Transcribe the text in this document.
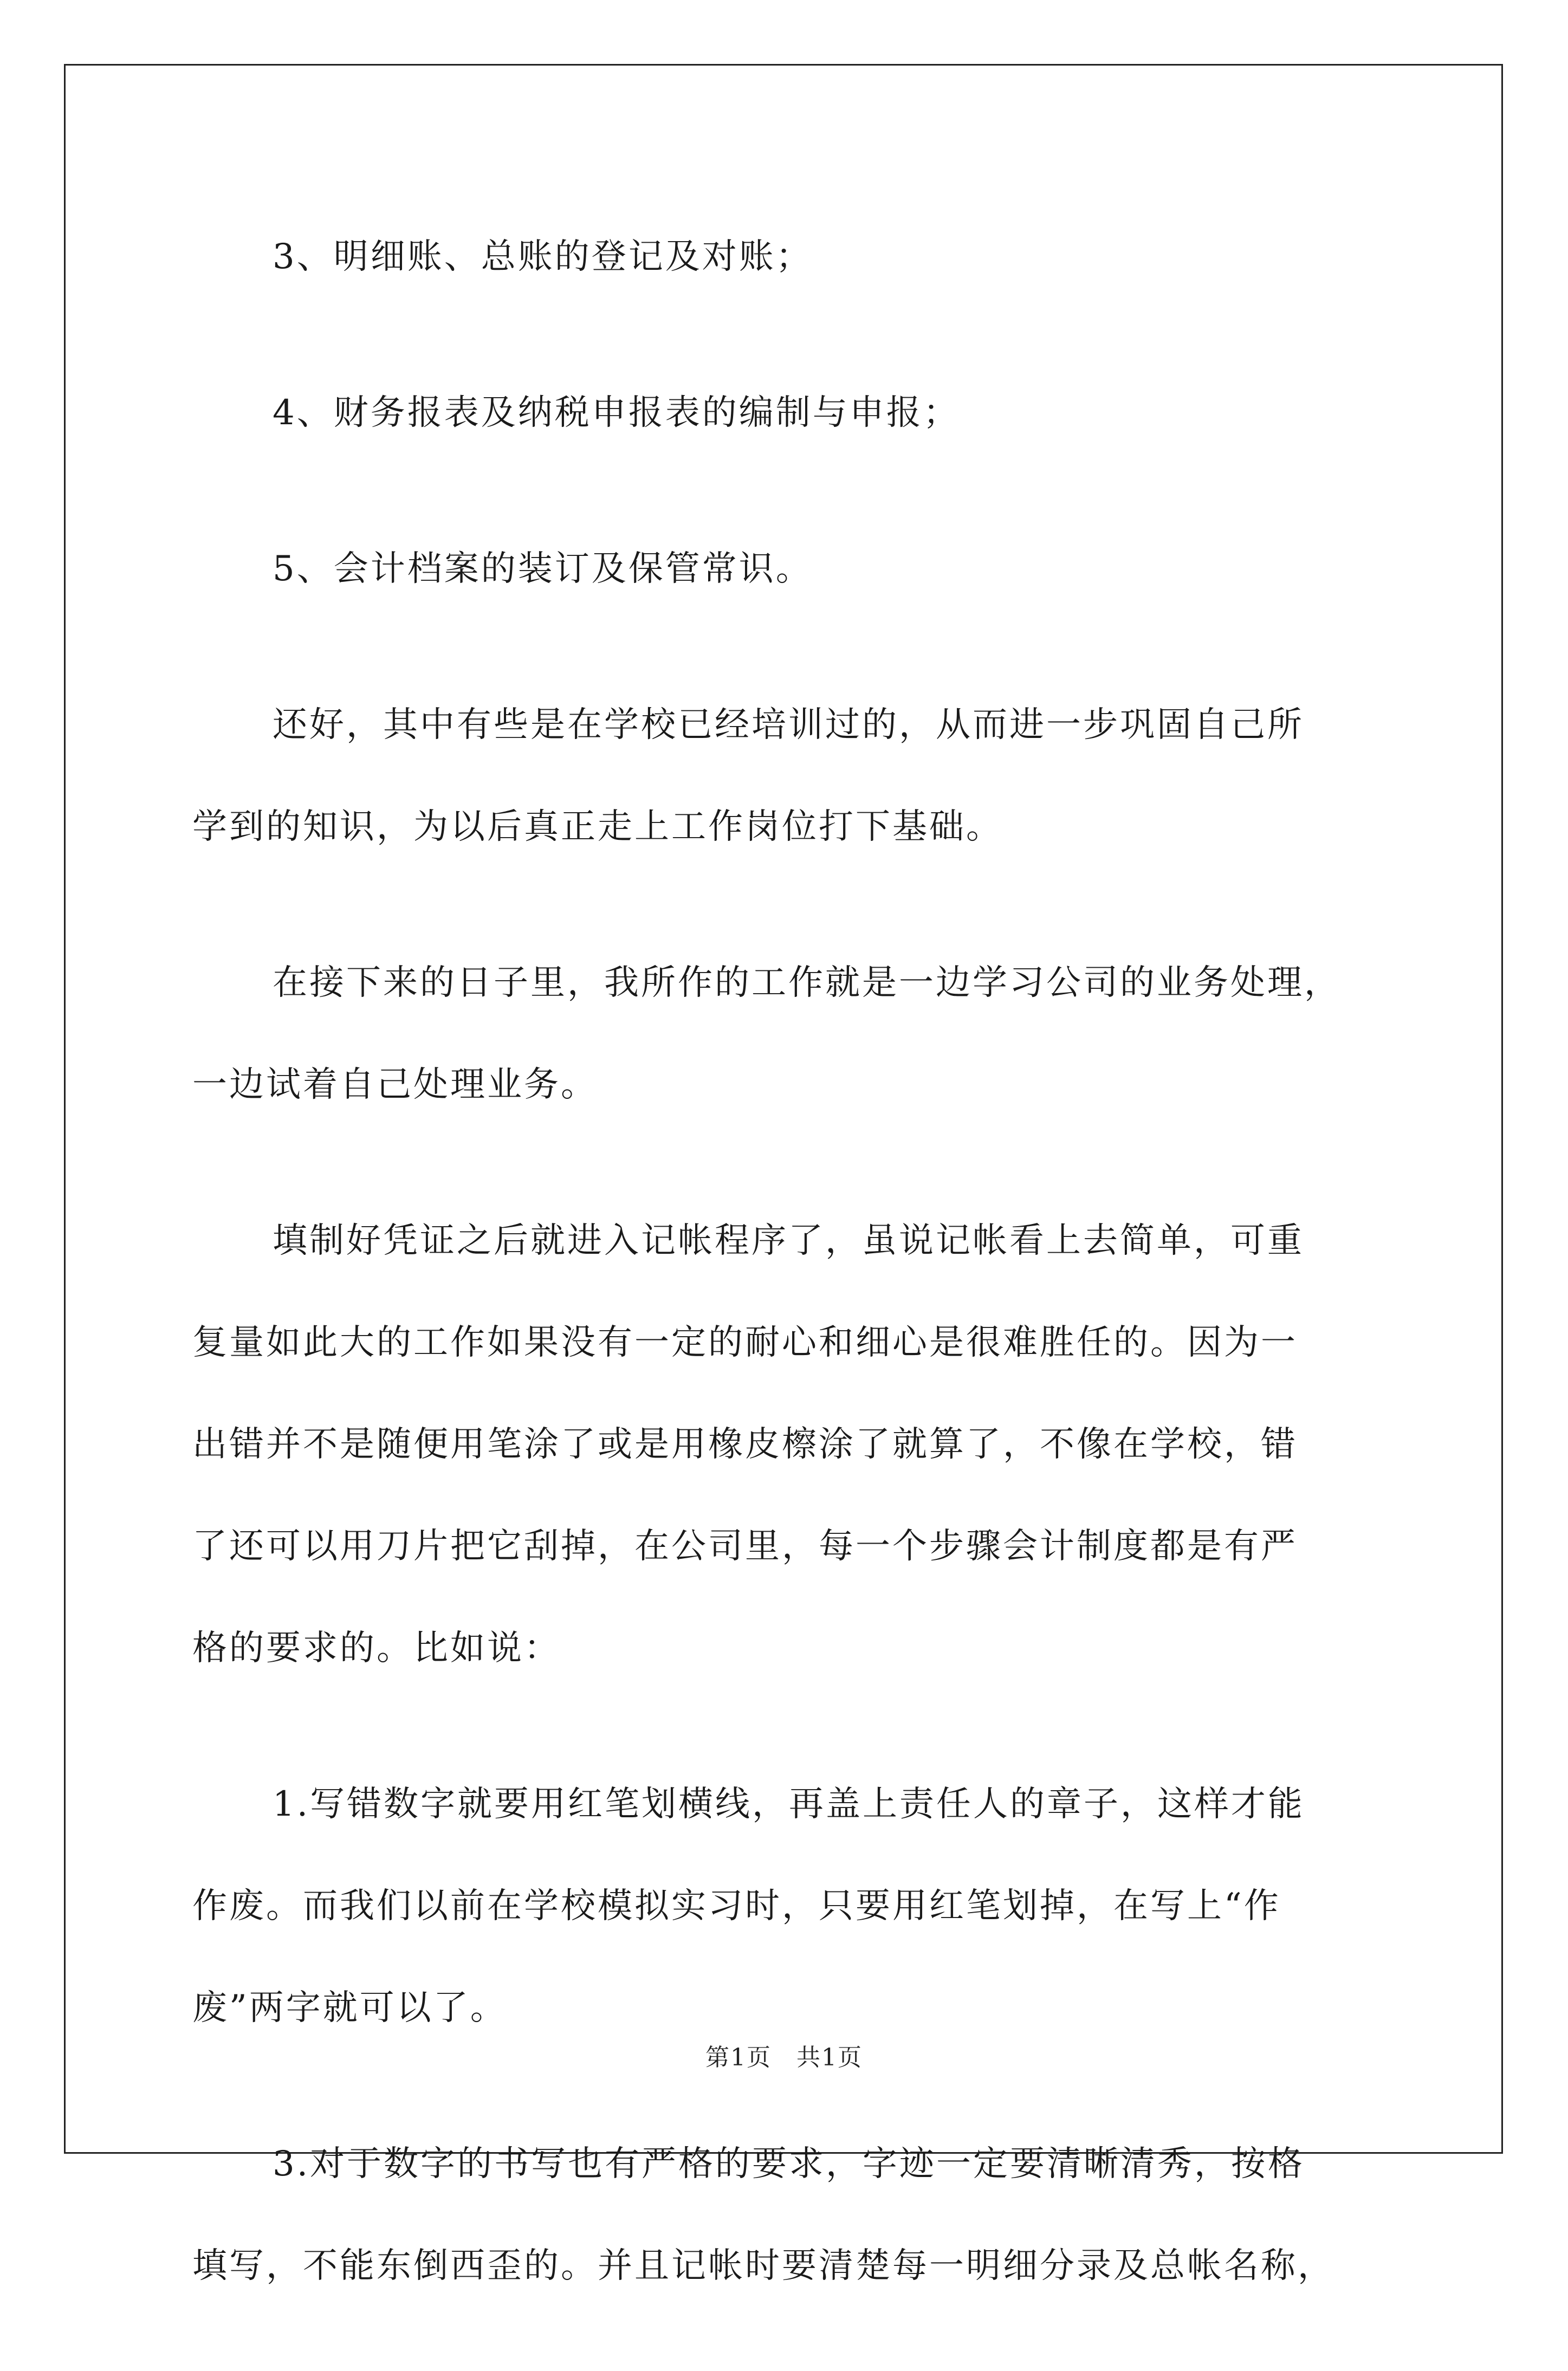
3、明细账、总账的登记及对账；

4、财务报表及纳税申报表的编制与申报；

5、会计档案的装订及保管常识。

还好，其中有些是在学校已经培训过的，从而进一步巩固自己所
学到的知识，为以后真正走上工作岗位打下基础。

在接下来的日子里，我所作的工作就是一边学习公司的业务处理，
一边试着自己处理业务。

填制好凭证之后就进入记帐程序了，虽说记帐看上去简单，可重
复量如此大的工作如果没有一定的耐心和细心是很难胜任的。因为一
出错并不是随便用笔涂了或是用橡皮檫涂了就算了，不像在学校，错
了还可以用刀片把它刮掉，在公司里，每一个步骤会计制度都是有严
格的要求的。比如说：

1.写错数字就要用红笔划横线，再盖上责任人的章子，这样才能
作废。而我们以前在学校模拟实习时，只要用红笔划掉，在写上“作
废”两字就可以了。

3.对于数字的书写也有严格的要求，字迹一定要清晰清秀，按格
填写，不能东倒西歪的。并且记帐时要清楚每一明细分录及总帐名称，

第1页　共1页
